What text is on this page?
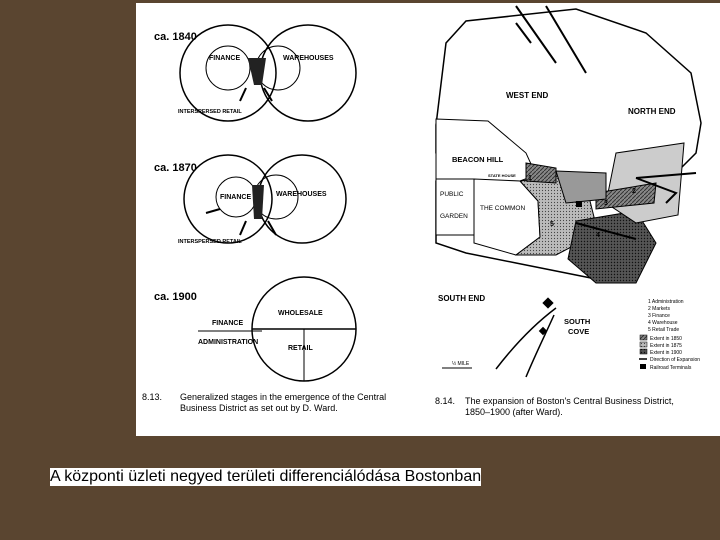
ca. 1840
FINANCE	WAREHOUSES
INTERSPERSED RETAIL
ca. 1870
FINANCE	WAREHOUSES
INTERSPERSED RETAIL
ca. 1900
FINANCE
WHOLESALE
ADMINISTRATION
RETAIL
8.13. Generalized stages in the emergence of the Central
Business District as set out by D. Ward.
WEST END
NORTH END
BEACON HILL
STATE HOUSE
PUBLIC
GARDEN
THE COMMON
SOUTH END
SOUTH
COVE
1
2
3
4
5
½ MILE
1 Administration
2 Markets
3 Finance
4 Warehouse
5 Retail Trade
Extent in 1850
Extent in 1875
Extent in 1900
Direction of Expansion
Railroad Terminals
8.14. The expansion of Boston's Central Business District,
1850–1900 (after Ward).
A központi üzleti negyed területi differenciálódása Bostonban
